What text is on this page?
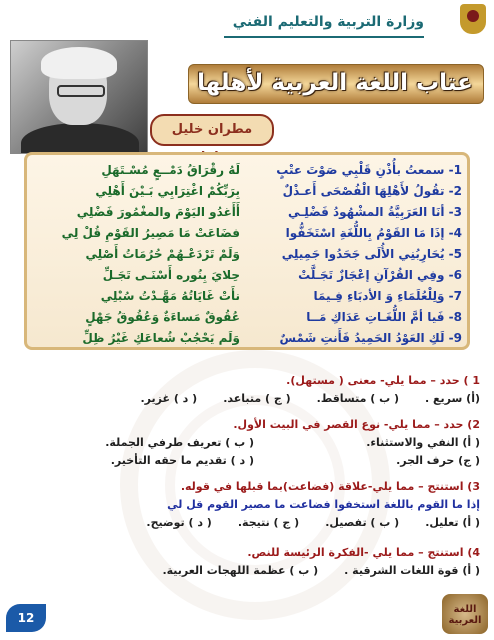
وزارة التربية والتعليم الفني
عتاب اللغة العربية لأهلها
مطران خليل
1- سمعتُ بأُذْنِ قَلْبِي صَوْتَ عتْبٍ
لَهُ رقْرَاقُ دَمْــعٍ مُسْـتَهَلِ
2- تقُولُ لأَهْلِهَا الْفُصْحَى أَعـذْلٌ
بِرَبِّكُمْ اغْتِرَابِي بَـيْنَ أَهْلِي
3- أنَا العَرَبِيَّةُ المشْهُودُ فَضْلِـي
أَأَغدُو اليَوْمَ والمغْمُورَ فَضْلِي
4- إذَا مَا القَوْمُ بِاللُّغَةِ اسْتَخَفُّوا
فضَاعَتْ مَا مَصِيرُ القَوْمِ قُلْ لِي
5- يُحَارِبُنِي الأُلَى جَحَدُوا جَمِيلِي
وَلَمْ تَرْدَعْـهُمْ حُرُمَاتُ أَصْلِي
6- وفِي القُرْآنِ إعْجَازٌ تَجَـلَّتْ
حِلايَ بِنُوره أَسْنَـى تَجَـلِّ
7- وَلِلْعُلَمَاءِ وَ الأدبَاءِ فِـيمَا
نأَتْ غَايَاتُهُ مَهَّـدْتُ سُبْلِي
8- فَيا أمَّ اللُّغَـاتِ عَدَاكِ مَــا
عُقُوقٌ مَساءَةٌ وَعُقُوقُ جَهْلٍ
9- لَكِ العَوْدُ الحَمِيدُ فَأَنتِ شَمْسٌ
وَلَم يَحْجُبْ شُعاعَكِ غَيْرُ ظِلِّ
1 ) حدد – مما يلي- معنى ( مستهل).
(أ) سريع .( ب ) متساقط.( ج ) متباعد.( د ) غزير.
2) حدد – مما يلي- نوع القصر في البيت الأول.
( أ) النفي والاستثناء.
( ب ) تعريف طرفي الجملة.
( ج) حرف الجر.
( د ) تقديم ما حقه التأخير.
3) استنتج – مما يلي-علاقة (فضاعت)بما قبلها في قوله.
إذا ما القوم باللغة استخفوا فضاعت ما مصير القوم قل لي
( أ) تعليل.( ب ) تفصيل.( ج ) نتيجة.( د ) توضيح.
4) استنتج – مما يلي -الفكرة الرئيسة للنص.
( أ) قوة اللغات الشرقية .( ب ) عظمة اللهجات العربية.
12
اللغة العربية
